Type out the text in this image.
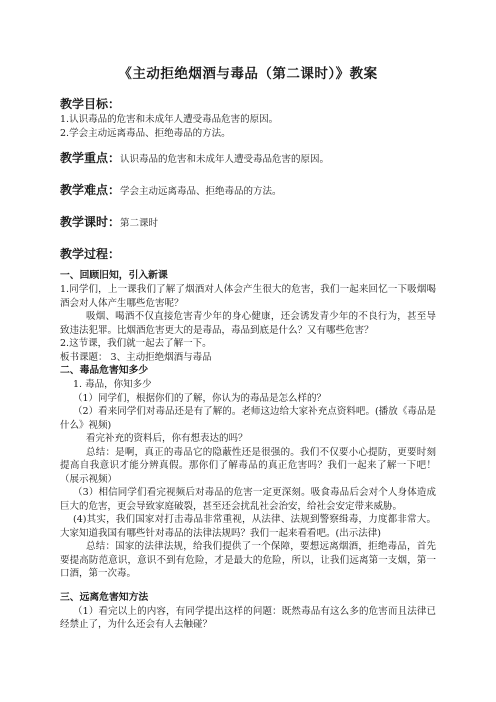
《主动拒绝烟酒与毒品（第二课时）》教案

教学目标：

1.认识毒品的危害和未成年人遭受毒品危害的原因。

2.学会主动远离毒品、拒绝毒品的方法。

教学重点：认识毒品的危害和未成年人遭受毒品危害的原因。

教学难点：学会主动远离毒品、拒绝毒品的方法。

教学课时：第二课时

教学过程：

一、回顾旧知，引入新课

1.同学们，上一课我们了解了烟酒对人体会产生很大的危害，我们一起来回忆一下吸烟喝酒会对人体产生哪些危害呢？

吸烟、喝酒不仅直接危害青少年的身心健康，还会诱发青少年的不良行为，甚至导致违法犯罪。比烟酒危害更大的是毒品，毒品到底是什么？又有哪些危害？

2.这节课，我们就一起去了解一下。

板书课题： 3、主动拒绝烟酒与毒品

二、毒品危害知多少

1. 毒品，你知多少

（1）同学们，根据你们的了解，你认为的毒品是怎么样的？

（2）看来同学们对毒品还是有了解的。老师这边给大家补充点资料吧。(播放《毒品是什么》视频)

看完补充的资料后，你有想表达的吗？

总结：是啊，真正的毒品它的隐蔽性还是很强的。我们不仅要小心提防，更要时刻提高自我意识才能分辨真假。那你们了解毒品的真正危害吗？我们一起来了解一下吧！ （展示视频）

（3）相信同学们看完视频后对毒品的危害一定更深刻。吸食毒品后会对个人身体造成巨大的危害，更会导致家庭破裂，甚至还会扰乱社会治安，给社会安定带来威胁。

(4)其实，我们国家对打击毒品非常重视，从法律、法规到警察缉毒，力度都非常大。大家知道我国有哪些针对毒品的法律法规吗？我们一起来看看吧。(出示法律)

总结：国家的法律法规，给我们提供了一个保障，要想远离烟酒，拒绝毒品，首先要提高防范意识，意识不到有危险，才是最大的危险，所以，让我们远离第一支烟，第一口酒，第一次毒。

三、远离危害知方法

（1）看完以上的内容，有同学提出这样的问题：既然毒品有这么多的危害而且法律已经禁止了，为什么还会有人去触碰？
